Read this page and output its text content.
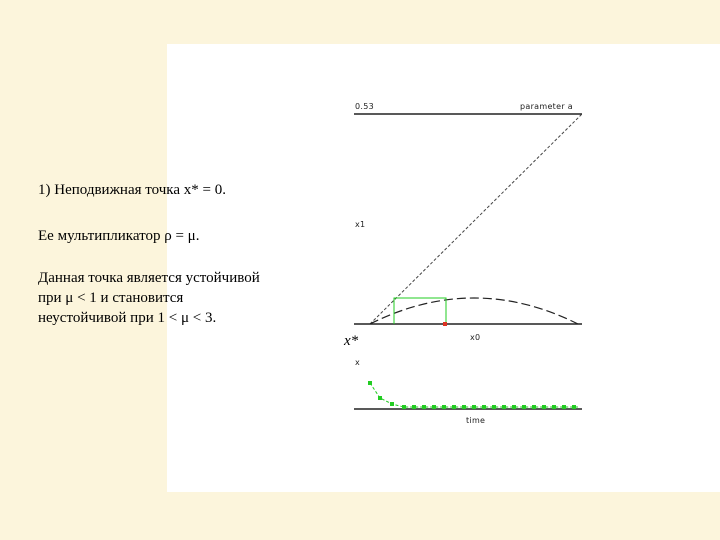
1) Неподвижная точка x* = 0.
Ее мультипликатор ρ = μ.
Данная точка является устойчивой
при μ < 1 и становится
неустойчивой при 1 < μ < 3.
0.53	parameter a
x1
x0
x*
x
time
